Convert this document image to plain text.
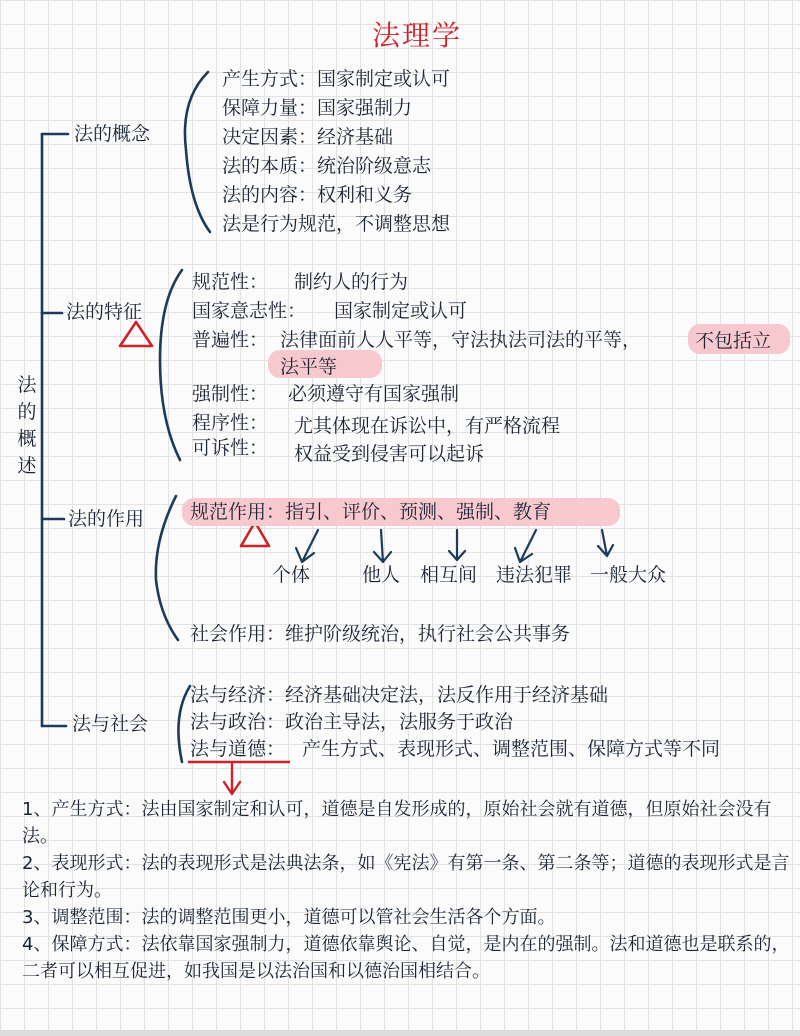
法理学
法的概述
法的概念
产生方式：国家制定或认可
保障力量：国家强制力
决定因素：经济基础
法的本质：统治阶级意志
法的内容：权利和义务
法是行为规范，不调整思想
法的特征
规范性： 制约人的行为
国家意志性： 国家制定或认可
普遍性： 法律面前人人平等，守法执法司法的平等，	不包括立法平等
强制性： 必须遵守有国家强制
程序性： 尤其体现在诉讼中，有严格流程
可诉性： 权益受到侵害可以起诉
法的作用 规范作用：指引、评价、预测、强制、教育
个体	他人 相互间 违法犯罪 一般大众
社会作用：维护阶级统治，执行社会公共事务
法与社会
法与经济：经济基础决定法，法反作用于经济基础
法与政治：政治主导法，法服务于政治
法与道德： 产生方式、表现形式、调整范围、保障方式等不同
1、产生方式：法由国家制定和认可，道德是自发形成的，原始社会就有道德，但原始社会没有法。
2、表现形式：法的表现形式是法典法条，如《宪法》有第一条、第二条等；道德的表现形式是言论和行为。
3、调整范围：法的调整范围更小，道德可以管社会生活各个方面。
4、保障方式：法依靠国家强制力，道德依靠舆论、自觉，是内在的强制。法和道德也是联系的，二者可以相互促进，如我国是以法治国和以德治国相结合。
